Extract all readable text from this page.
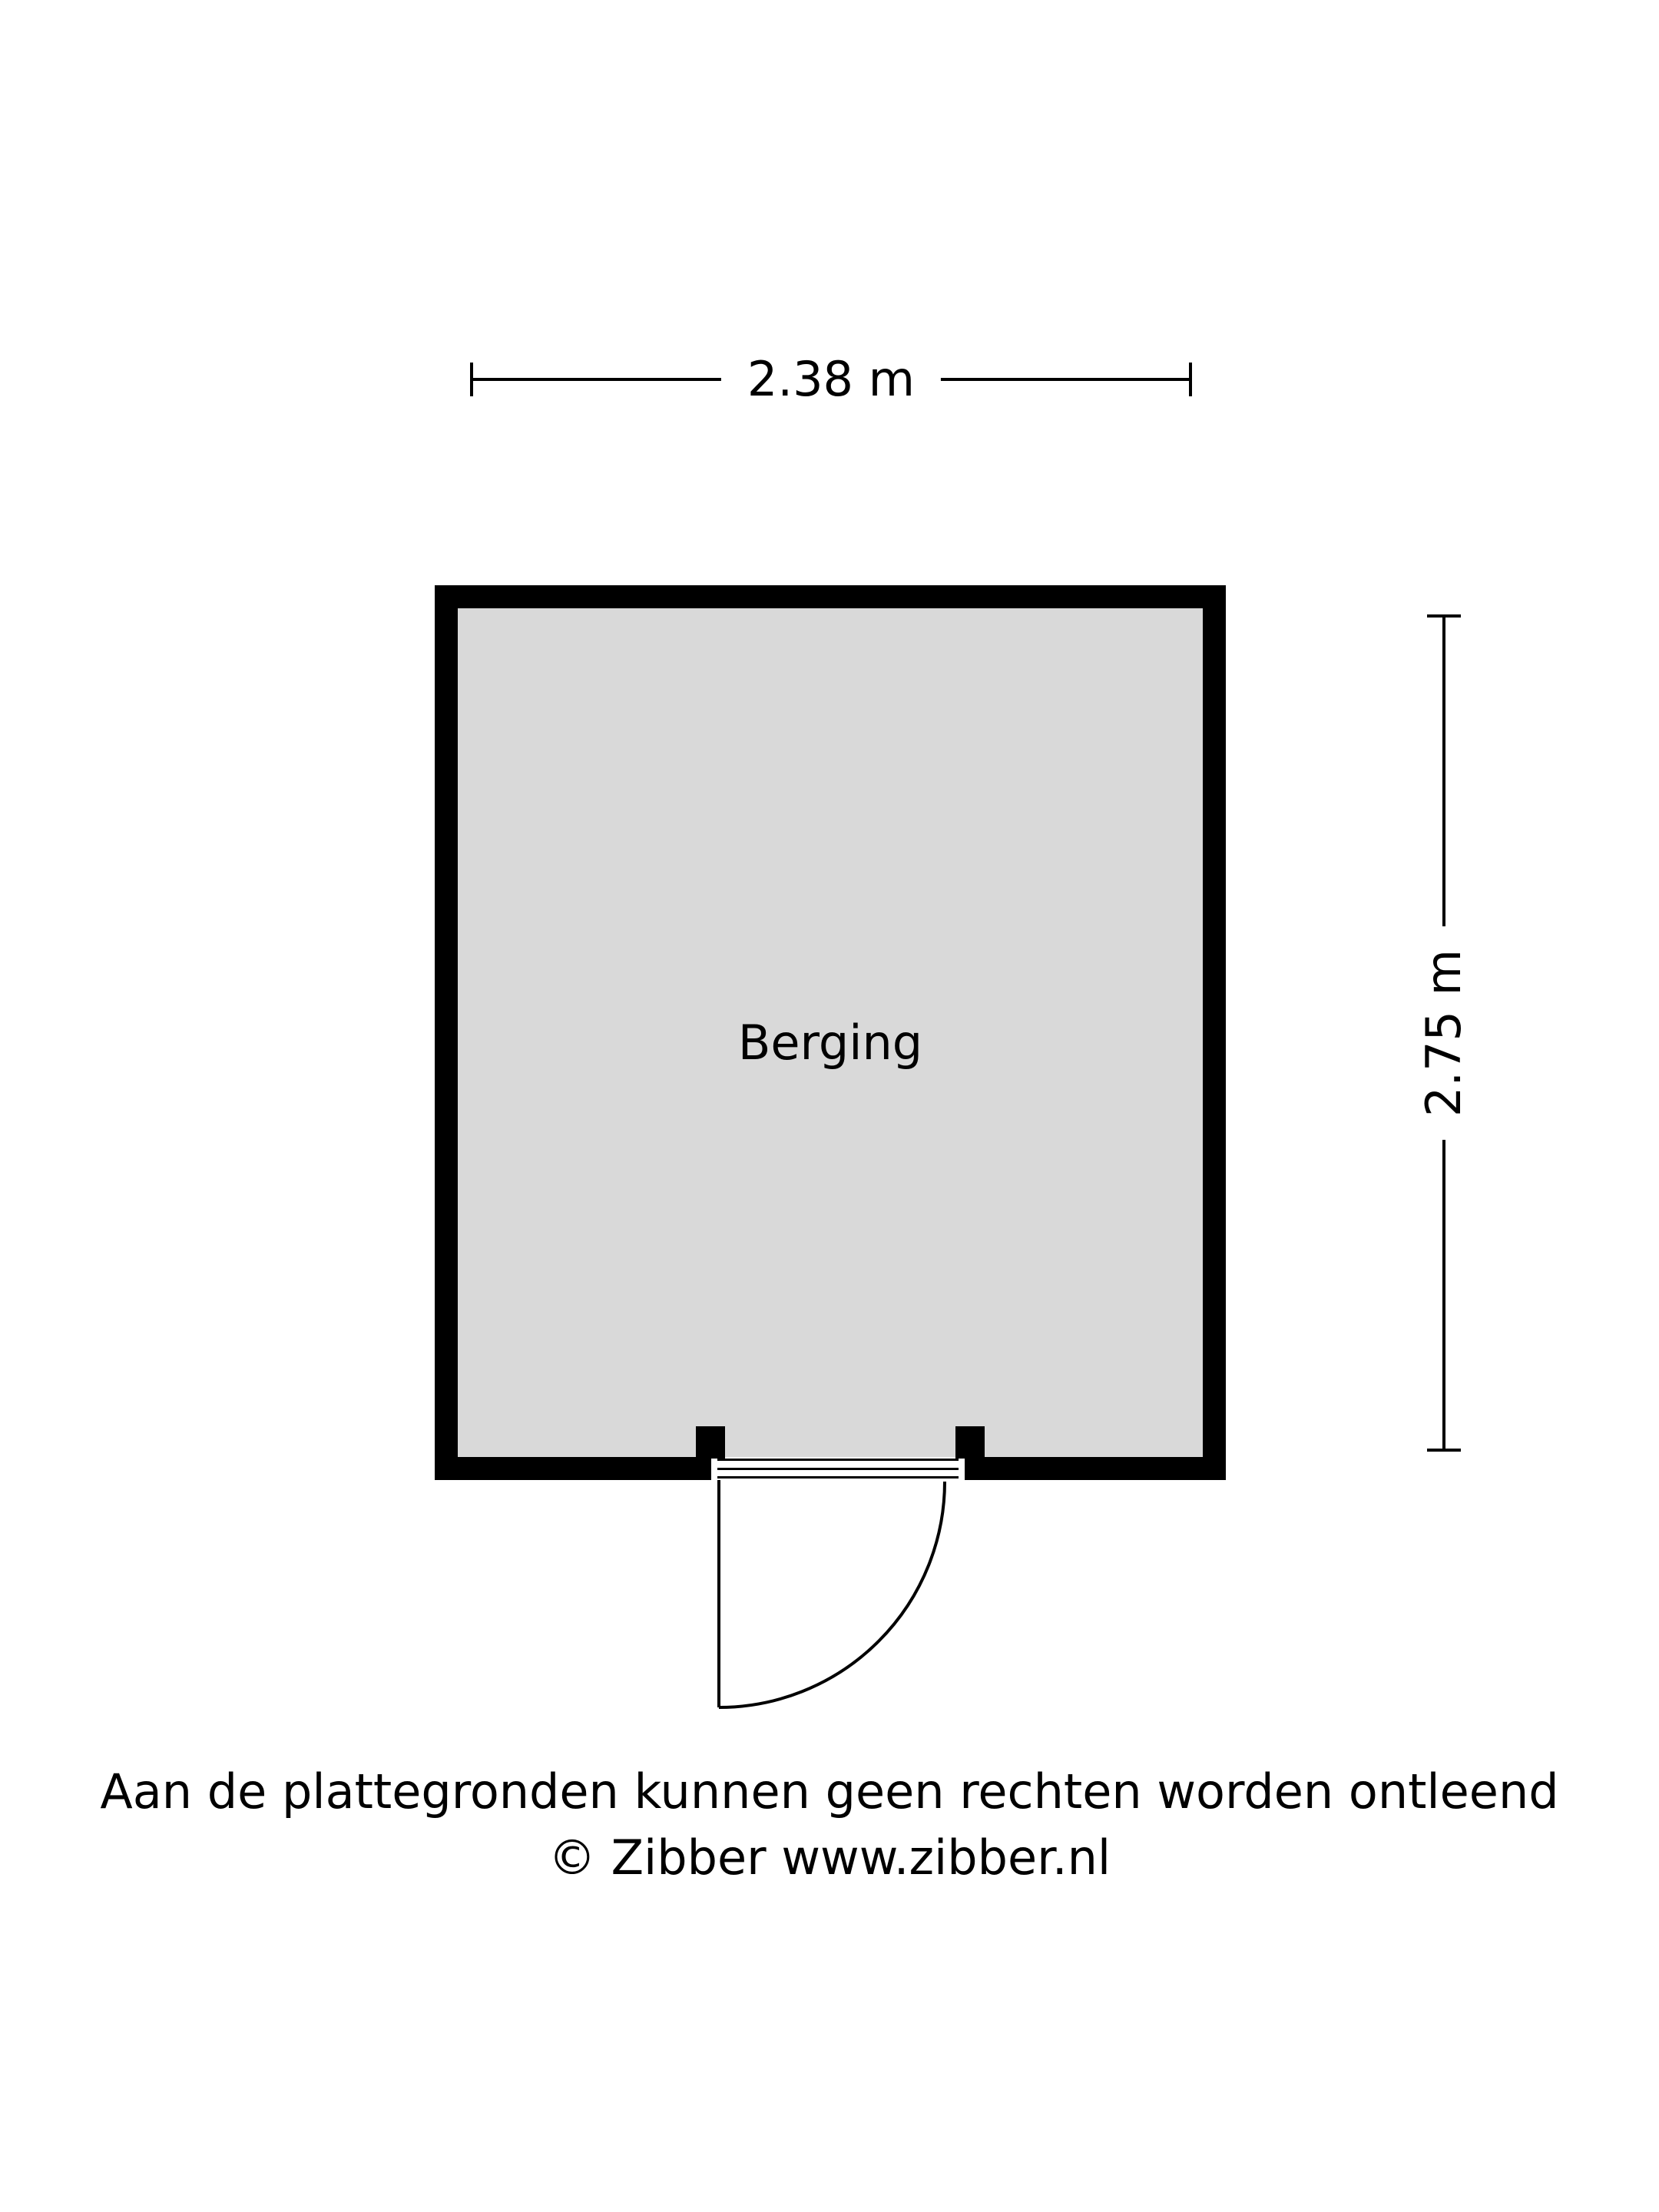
2.38 m
2.75 m
Berging
Aan de plattegronden kunnen geen rechten worden ontleend
© Zibber www.zibber.nl
